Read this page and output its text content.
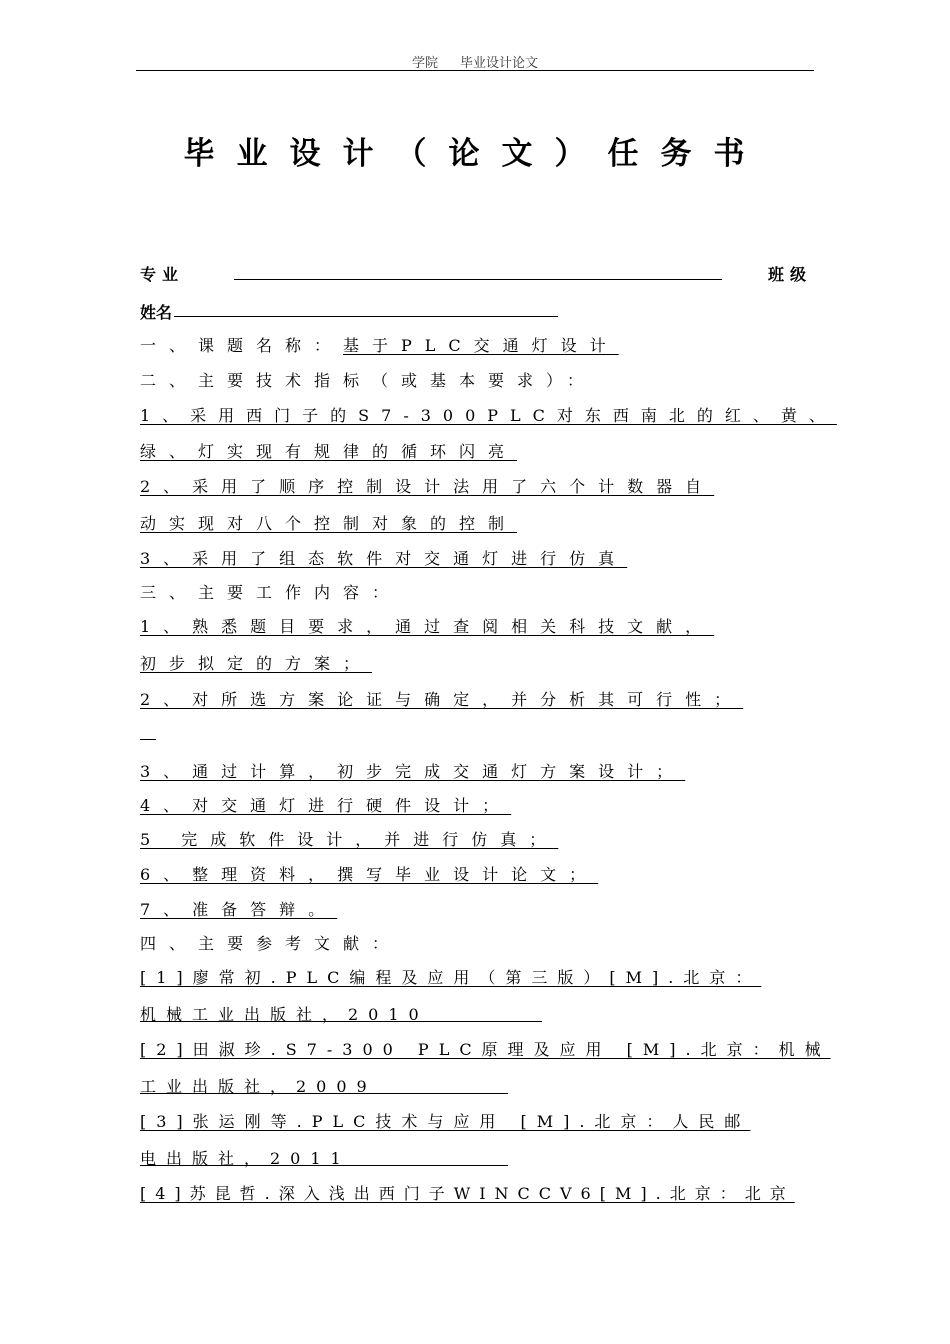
学院 毕业设计论文
毕业设计（论文）任务书
专业	班级
姓名
一、课题名称：基于PLC交通灯设计
二、主要技术指标（或基本要求）：
1、采用西门子的S7-300PLC对东西南北的红、黄、
绿、灯实现有规律的循环闪亮
2、采用了顺序控制设计法用了六个计数器自
动实现对八个控制对象的控制
3、采用了组态软件对交通灯进行仿真
三、主要工作内容：
1、熟悉题目要求，通过查阅相关科技文献，
初步拟定的方案；
2、对所选方案论证与确定，并分析其可行性；
3、通过计算，初步完成交通灯方案设计；
4、对交通灯进行硬件设计；
5 完成软件设计，并进行仿真；
6、整理资料，撰写毕业设计论文；
7、准备答辩。
四、主要参考文献：
[1]廖常初.PLC编程及应用（第三版）[M].北京：
机械工业出版社，2010
[2]田淑珍.S7-300 PLC原理及应用 [M].北京：机械
工业出版社，2009
[3]张运刚等.PLC技术与应用 [M].北京：人民邮
电出版社，2011
[4]苏昆哲.深入浅出西门子WINCCV6[M].北京：北京
